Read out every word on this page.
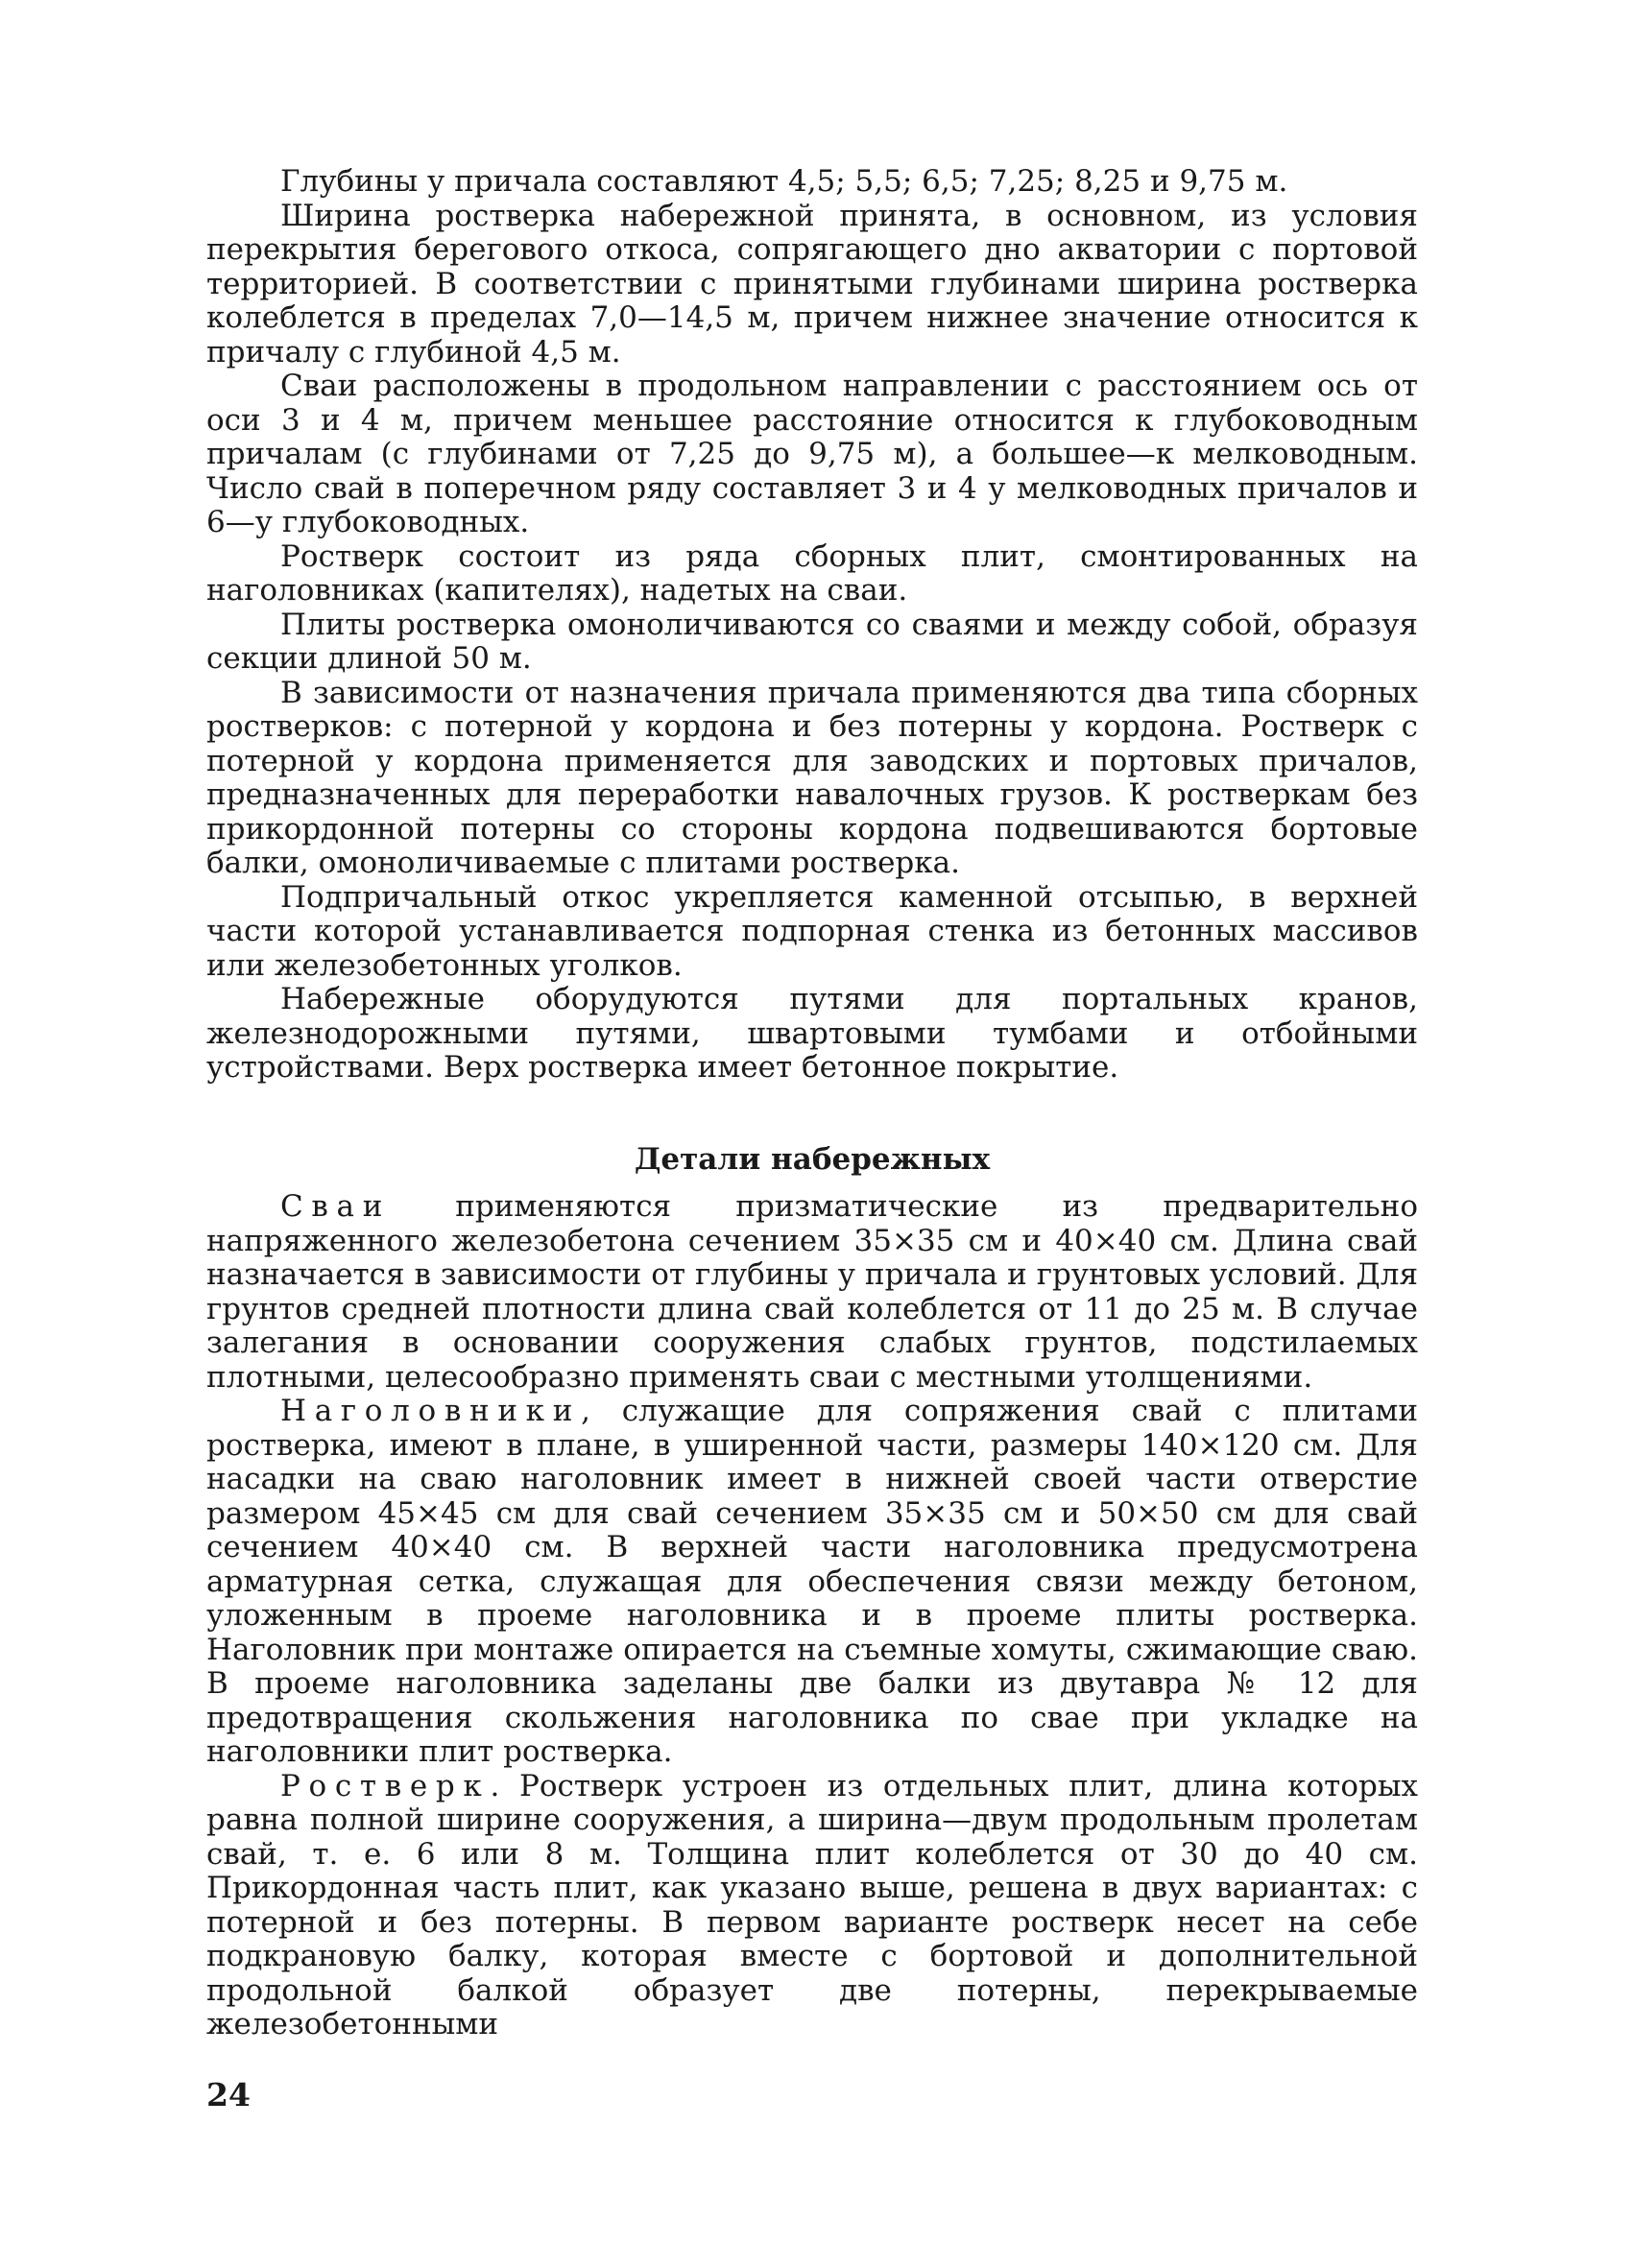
Глубины у причала составляют 4,5; 5,5; 6,5; 7,25; 8,25 и 9,75 м.

Ширина ростверка набережной принята, в основном, из условия перекрытия берегового откоса, сопрягающего дно акватории с портовой территорией. В соответствии с принятыми глубинами ширина ростверка колеблется в пределах 7,0—14,5 м, причем нижнее значение относится к причалу с глубиной 4,5 м.

Сваи расположены в продольном направлении с расстоянием ось от оси 3 и 4 м, причем меньшее расстояние относится к глубоководным причалам (с глубинами от 7,25 до 9,75 м), а большее—к мелководным. Число свай в поперечном ряду составляет 3 и 4 у мелководных причалов и 6—у глубоководных.

Ростверк состоит из ряда сборных плит, смонтированных на наголовниках (капителях), надетых на сваи.

Плиты ростверка омоноличиваются со сваями и между собой, образуя секции длиной 50 м.

В зависимости от назначения причала применяются два типа сборных ростверков: с потерной у кордона и без потерны у кордона. Ростверк с потерной у кордона применяется для заводских и портовых причалов, предназначенных для переработки навалочных грузов. К ростверкам без прикордонной потерны со стороны кордона подвешиваются бортовые балки, омоноличиваемые с плитами ростверка.

Подпричальный откос укрепляется каменной отсыпью, в верхней части которой устанавливается подпорная стенка из бетонных массивов или железобетонных уголков.

Набережные оборудуются путями для портальных кранов, железнодорожными путями, швартовыми тумбами и отбойными устройствами. Верх ростверка имеет бетонное покрытие.

Детали набережных

Сваи применяются призматические из предварительно напряженного железобетона сечением 35×35 см и 40×40 см. Длина свай назначается в зависимости от глубины у причала и грунтовых условий. Для грунтов средней плотности длина свай колеблется от 11 до 25 м. В случае залегания в основании сооружения слабых грунтов, подстилаемых плотными, целесообразно применять сваи с местными утолщениями.

Наголовники, служащие для сопряжения свай с плитами ростверка, имеют в плане, в уширенной части, размеры 140×120 см. Для насадки на сваю наголовник имеет в нижней своей части отверстие размером 45×45 см для свай сечением 35×35 см и 50×50 см для свай сечением 40×40 см. В верхней части наголовника предусмотрена арматурная сетка, служащая для обеспечения связи между бетоном, уложенным в проеме наголовника и в проеме плиты ростверка. Наголовник при монтаже опирается на съемные хомуты, сжимающие сваю. В проеме наголовника заделаны две балки из двутавра № 12 для предотвращения скольжения наголовника по свае при укладке на наголовники плит ростверка.

Ростверк. Ростверк устроен из отдельных плит, длина которых равна полной ширине сооружения, а ширина—двум продольным пролетам свай, т. е. 6 или 8 м. Толщина плит колеблется от 30 до 40 см. Прикордонная часть плит, как указано выше, решена в двух вариантах: с потерной и без потерны. В первом варианте ростверк несет на себе подкрановую балку, которая вместе с бортовой и дополнительной продольной балкой образует две потерны, перекрываемые железобетонными

24
